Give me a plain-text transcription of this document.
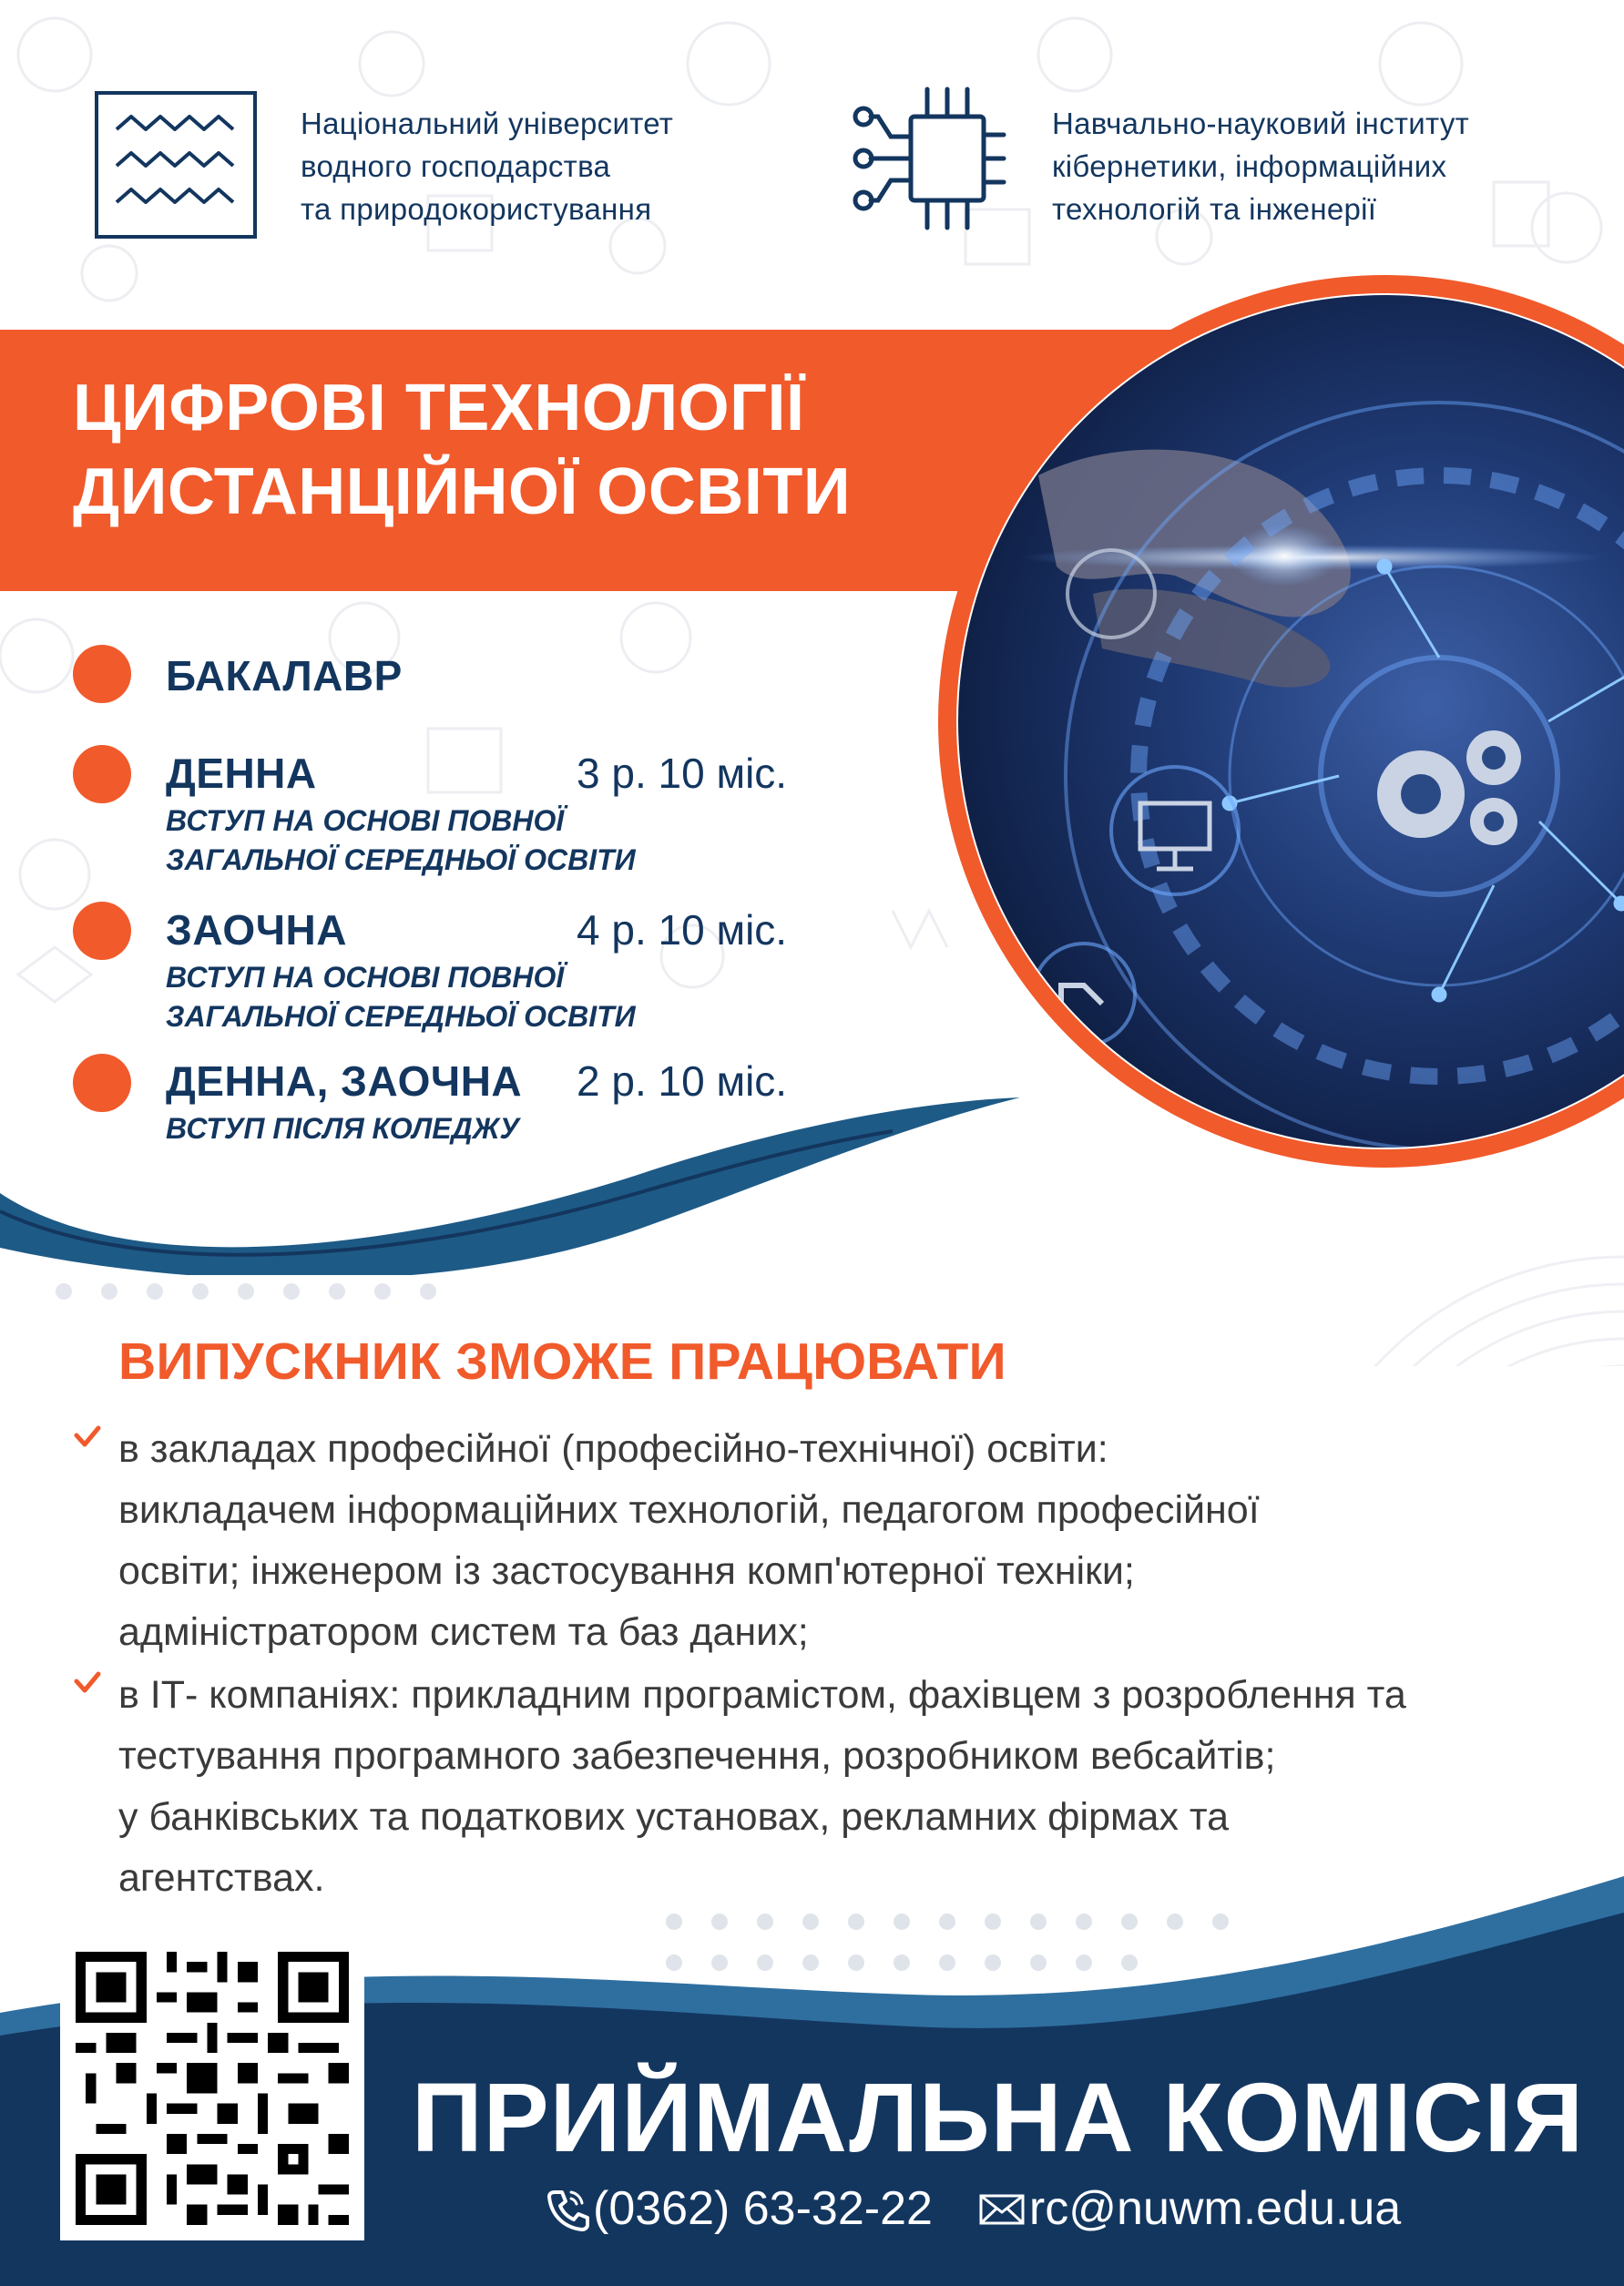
Національний університет
водного господарства
та природокористування
Навчально-науковий інститут
кібернетики, інформаційних
технологій та інженерії
ЦИФРОВІ ТЕХНОЛОГІЇ
ДИСТАНЦІЙНОЇ ОСВІТИ
БАКАЛАВР
ДЕННА	3 р. 10 міс.
ВСТУП НА ОСНОВІ ПОВНОЇ
ЗАГАЛЬНОЇ СЕРЕДНЬОЇ ОСВІТИ
ЗАОЧНА	4 р. 10 міс.
ВСТУП НА ОСНОВІ ПОВНОЇ
ЗАГАЛЬНОЇ СЕРЕДНЬОЇ ОСВІТИ
ДЕННА, ЗАОЧНА 2 р. 10 міс.
ВСТУП ПІСЛЯ КОЛЕДЖУ
ВИПУСКНИК ЗМОЖЕ ПРАЦЮВАТИ
в закладах професійної (професійно-технічної) освіти:
викладачем інформаційних технологій, педагогом професійної
освіти; інженером із застосування комп'ютерної техніки;
адміністратором систем та баз даних;
в ІТ- компаніях: прикладним програмістом, фахівцем з розроблення та
тестування програмного забезпечення, розробником вебсайтів;
у банківських та податкових установах, рекламних фірмах та
агентствах.
ПРИЙМАЛЬНА КОМІСІЯ
(0362) 63-32-22 rc@nuwm.edu.ua
